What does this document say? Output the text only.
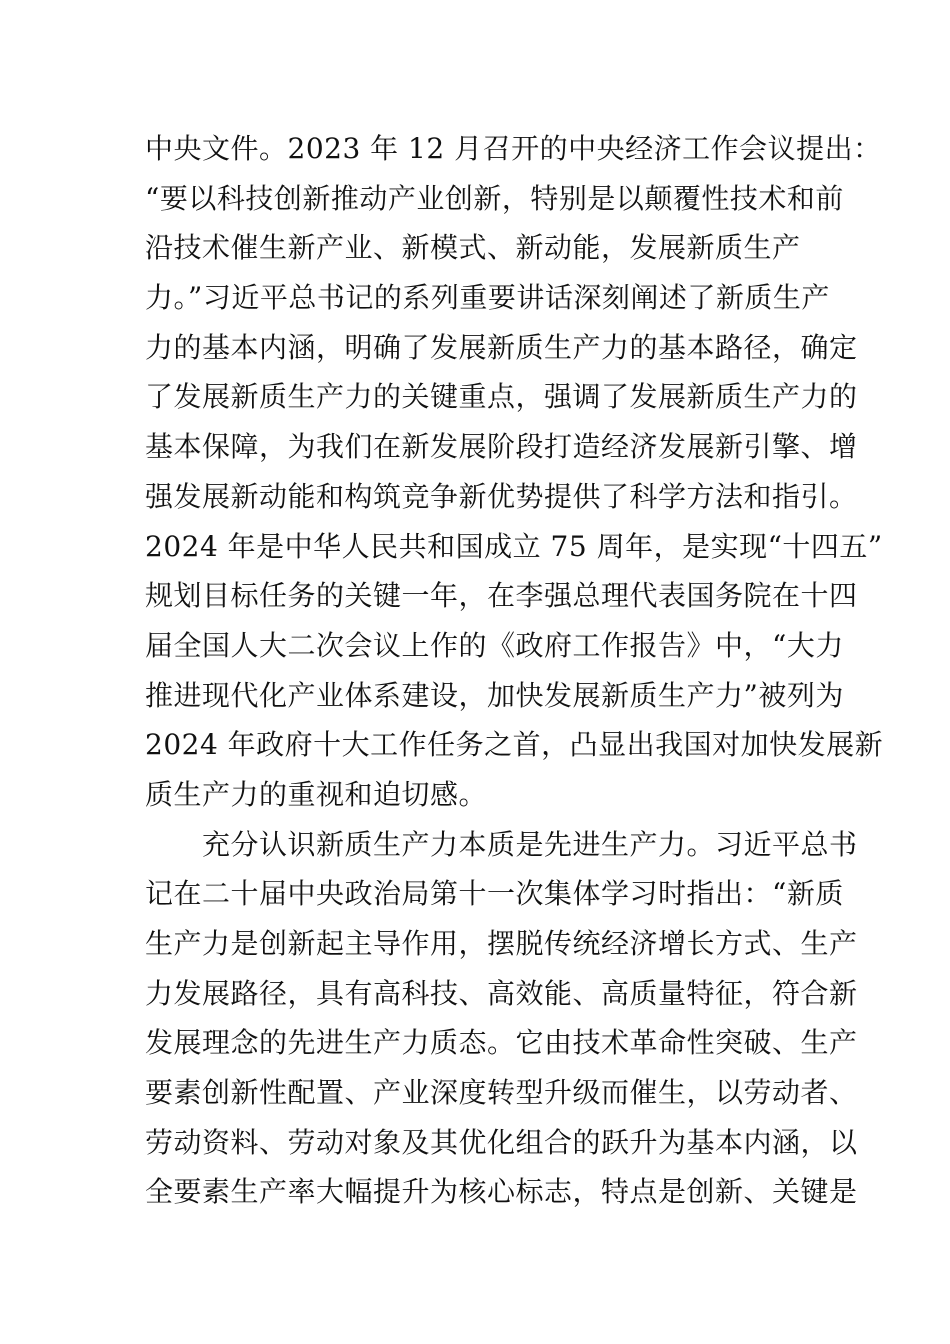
中央文件。2023 年 12 月召开的中央经济工作会议提出：
“要以科技创新推动产业创新，特别是以颠覆性技术和前
沿技术催生新产业、新模式、新动能，发展新质生产
力。”习近平总书记的系列重要讲话深刻阐述了新质生产
力的基本内涵，明确了发展新质生产力的基本路径，确定
了发展新质生产力的关键重点，强调了发展新质生产力的
基本保障，为我们在新发展阶段打造经济发展新引擎、增
强发展新动能和构筑竞争新优势提供了科学方法和指引。
2024 年是中华人民共和国成立 75 周年，是实现“十四五”
规划目标任务的关键一年，在李强总理代表国务院在十四
届全国人大二次会议上作的《政府工作报告》中，“大力
推进现代化产业体系建设，加快发展新质生产力”被列为
2024 年政府十大工作任务之首，凸显出我国对加快发展新
质生产力的重视和迫切感。
　　充分认识新质生产力本质是先进生产力。习近平总书
记在二十届中央政治局第十一次集体学习时指出：“新质
生产力是创新起主导作用，摆脱传统经济增长方式、生产
力发展路径，具有高科技、高效能、高质量特征，符合新
发展理念的先进生产力质态。它由技术革命性突破、生产
要素创新性配置、产业深度转型升级而催生，以劳动者、
劳动资料、劳动对象及其优化组合的跃升为基本内涵，以
全要素生产率大幅提升为核心标志，特点是创新、关键是
